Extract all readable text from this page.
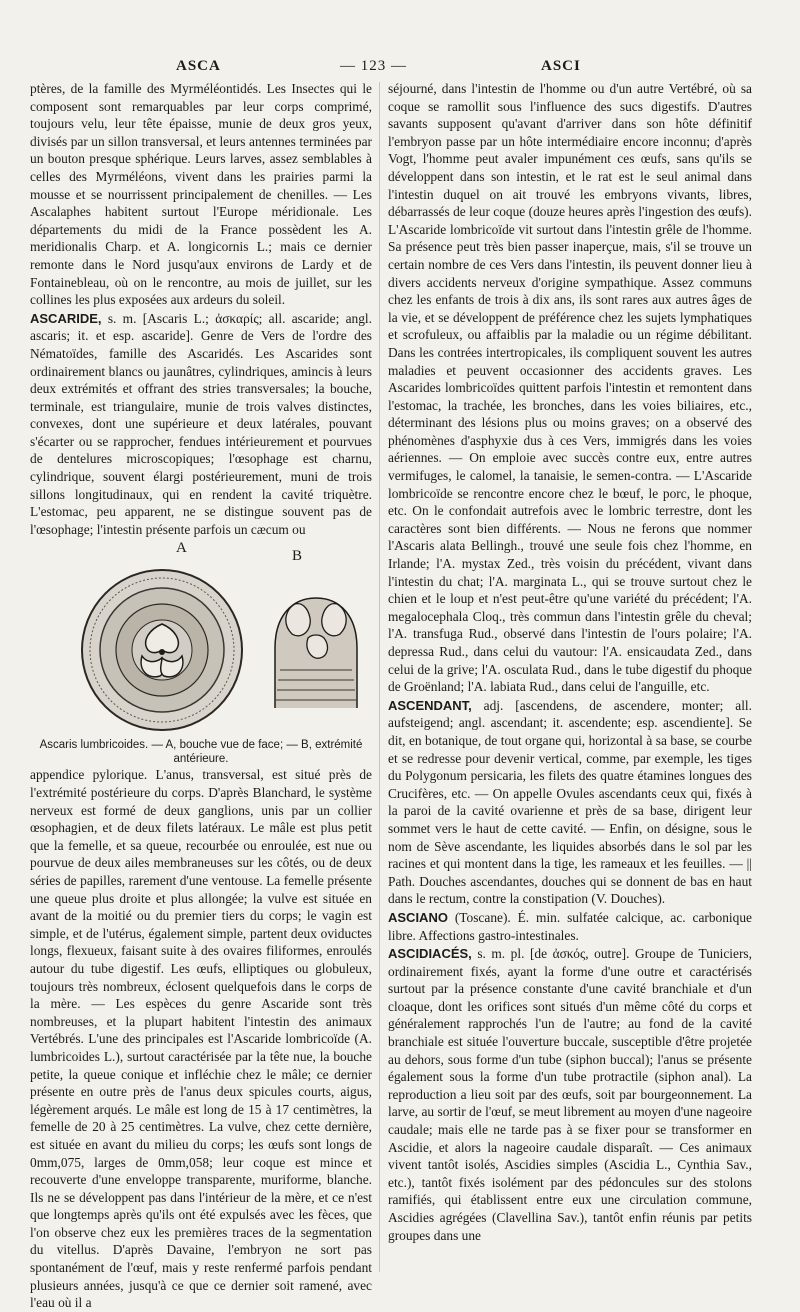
ASCA	— 123 —	ASCI

ptères, de la famille des Myrméléontidés. Les Insectes qui le composent sont remarquables par leur corps comprimé, toujours velu, leur tête épaisse, munie de deux gros yeux, divisés par un sillon transversal, et leurs antennes terminées par un bouton presque sphérique. Leurs larves, assez semblables à celles des Myrméléons, vivent dans les prairies parmi la mousse et se nourrissent principalement de chenilles. — Les Ascalaphes habitent surtout l'Europe méridionale. Les départements du midi de la France possèdent les A. meridionalis Charp. et A. longicornis L.; mais ce dernier remonte dans le Nord jusqu'aux environs de Lardy et de Fontainebleau, où on le rencontre, au mois de juillet, sur les collines les plus exposées aux ardeurs du soleil.

ASCARIDE, s. m. [Ascaris L.; ἀσκαρίς; all. ascaride; angl. ascaris; it. et esp. ascaride]. Genre de Vers de l'ordre des Nématoïdes, famille des Ascaridés. Les Ascarides sont ordinairement blancs ou jaunâtres, cylindriques, amincis à leurs deux extrémités et offrant des stries transversales; la bouche, terminale, est triangulaire, munie de trois valves distinctes, convexes, dont une supérieure et deux latérales, pouvant s'écarter ou se rapprocher, fendues intérieurement et pourvues de dentelures microscopiques; l'œsophage est charnu, cylindrique, souvent élargi postérieurement, muni de trois sillons longitudinaux, qui en rendent la cavité triquètre. L'estomac, peu apparent, ne se distingue souvent pas de l'œsophage; l'intestin présente parfois un cæcum ou

A	B

Ascaris lumbricoides. — A, bouche vue de face; — B, extrémité antérieure.

appendice pylorique. L'anus, transversal, est situé près de l'extrémité postérieure du corps. D'après Blanchard, le système nerveux est formé de deux ganglions, unis par un collier œsophagien, et de deux filets latéraux. Le mâle est plus petit que la femelle, et sa queue, recourbée ou enroulée, est nue ou pourvue de deux ailes membraneuses sur les côtés, ou de deux séries de papilles, rarement d'une ventouse. La femelle présente une queue plus droite et plus allongée; la vulve est située en avant de la moitié ou du premier tiers du corps; le vagin est simple, et de l'utérus, également simple, partent deux oviductes longs, flexueux, faisant suite à des ovaires filiformes, enroulés autour du tube digestif. Les œufs, elliptiques ou globuleux, toujours très nombreux, éclosent quelquefois dans le corps de la mère. — Les espèces du genre Ascaride sont très nombreuses, et la plupart habitent l'intestin des animaux Vertébrés. L'une des principales est l'Ascaride lombricoïde (A. lumbricoides L.), surtout caractérisée par la tête nue, la bouche petite, la queue conique et infléchie chez le mâle; ce dernier présente en outre près de l'anus deux spicules courts, aigus, légèrement arqués. Le mâle est long de 15 à 17 centimètres, la femelle de 20 à 25 centimètres. La vulve, chez cette dernière, est située en avant du milieu du corps; les œufs sont longs de 0mm,075, larges de 0mm,058; leur coque est mince et recouverte d'une enveloppe transparente, muriforme, blanche. Ils ne se développent pas dans l'intérieur de la mère, et ce n'est que longtemps après qu'ils ont été expulsés avec les fèces, que l'on observe chez eux les premières traces de la segmentation du vitellus. D'après Davaine, l'embryon ne sort pas spontanément de l'œuf, mais y reste renfermé parfois pendant plusieurs années, jusqu'à ce que ce dernier soit ramené, avec l'eau où il a

séjourné, dans l'intestin de l'homme ou d'un autre Vertébré, où sa coque se ramollit sous l'influence des sucs digestifs. D'autres savants supposent qu'avant d'arriver dans son hôte définitif l'embryon passe par un hôte intermédiaire encore inconnu; d'après Vogt, l'homme peut avaler impunément ces œufs, sans qu'ils se développent dans son intestin, et le rat est le seul animal dans l'intestin duquel on ait trouvé les embryons vivants, libres, débarrassés de leur coque (douze heures après l'ingestion des œufs). L'Ascaride lombricoïde vit surtout dans l'intestin grêle de l'homme. Sa présence peut très bien passer inaperçue, mais, s'il se trouve un certain nombre de ces Vers dans l'intestin, ils peuvent donner lieu à divers accidents nerveux d'origine sympathique. Assez communs chez les enfants de trois à dix ans, ils sont rares aux autres âges de la vie, et se développent de préférence chez les sujets lymphatiques et scrofuleux, ou affaiblis par la maladie ou un régime débilitant. Dans les contrées intertropicales, ils compliquent souvent les autres maladies et peuvent occasionner des accidents graves. Les Ascarides lombricoïdes quittent parfois l'intestin et remontent dans l'estomac, la trachée, les bronches, dans les voies biliaires, etc., déterminant des lésions plus ou moins graves; on a observé des phénomènes d'asphyxie dus à ces Vers, immigrés dans les voies aériennes. — On emploie avec succès contre eux, entre autres vermifuges, le calomel, la tanaisie, le semen-contra. — L'Ascaride lombricoïde se rencontre encore chez le bœuf, le porc, le phoque, etc. On le confondait autrefois avec le lombric terrestre, dont les caractères sont bien différents. — Nous ne ferons que nommer l'Ascaris alata Bellingh., trouvé une seule fois chez l'homme, en Irlande; l'A. mystax Zed., très voisin du précédent, vivant dans l'intestin du chat; l'A. marginata L., qui se trouve surtout chez le chien et le loup et n'est peut-être qu'une variété du précédent; l'A. megalocephala Cloq., très commun dans l'intestin grêle du cheval; l'A. transfuga Rud., observé dans l'intestin de l'ours polaire; l'A. depressa Rud., dans celui du vautour: l'A. ensicaudata Zed., dans celui de la grive; l'A. osculata Rud., dans le tube digestif du phoque de Groënland; l'A. labiata Rud., dans celui de l'anguille, etc.

ASCENDANT, adj. [ascendens, de ascendere, monter; all. aufsteigend; angl. ascendant; it. ascendente; esp. ascendiente]. Se dit, en botanique, de tout organe qui, horizontal à sa base, se courbe et se redresse pour devenir vertical, comme, par exemple, les tiges du Polygonum persicaria, les filets des quatre étamines longues des Crucifères, etc. — On appelle Ovules ascendants ceux qui, fixés à la paroi de la cavité ovarienne et près de sa base, dirigent leur sommet vers le haut de cette cavité. — Enfin, on désigne, sous le nom de Sève ascendante, les liquides absorbés dans le sol par les racines et qui montent dans la tige, les rameaux et les feuilles. — || Path. Douches ascendantes, douches qui se donnent de bas en haut dans le rectum, contre la constipation (V. Douches).

ASCIANO (Toscane). É. min. sulfatée calcique, ac. carbonique libre. Affections gastro-intestinales.

ASCIDIACÉS, s. m. pl. [de ἀσκός, outre]. Groupe de Tuniciers, ordinairement fixés, ayant la forme d'une outre et caractérisés surtout par la présence constante d'une cavité branchiale et d'un cloaque, dont les orifices sont situés d'un même côté du corps et généralement rapprochés l'un de l'autre; au fond de la cavité branchiale est située l'ouverture buccale, susceptible d'être projetée au dehors, sous forme d'un tube (siphon buccal); l'anus se présente également sous la forme d'un tube protractile (siphon anal). La reproduction a lieu soit par des œufs, soit par bourgeonnement. La larve, au sortir de l'œuf, se meut librement au moyen d'une nageoire caudale; mais elle ne tarde pas à se fixer pour se transformer en Ascidie, et alors la nageoire caudale disparaît. — Ces animaux vivent tantôt isolés, Ascidies simples (Ascidia L., Cynthia Sav., etc.), tantôt fixés isolément par des pédoncules sur des stolons ramifiés, qui établissent entre eux une circulation commune, Ascidies agrégées (Clavellina Sav.), tantôt enfin réunis par petits groupes dans une
